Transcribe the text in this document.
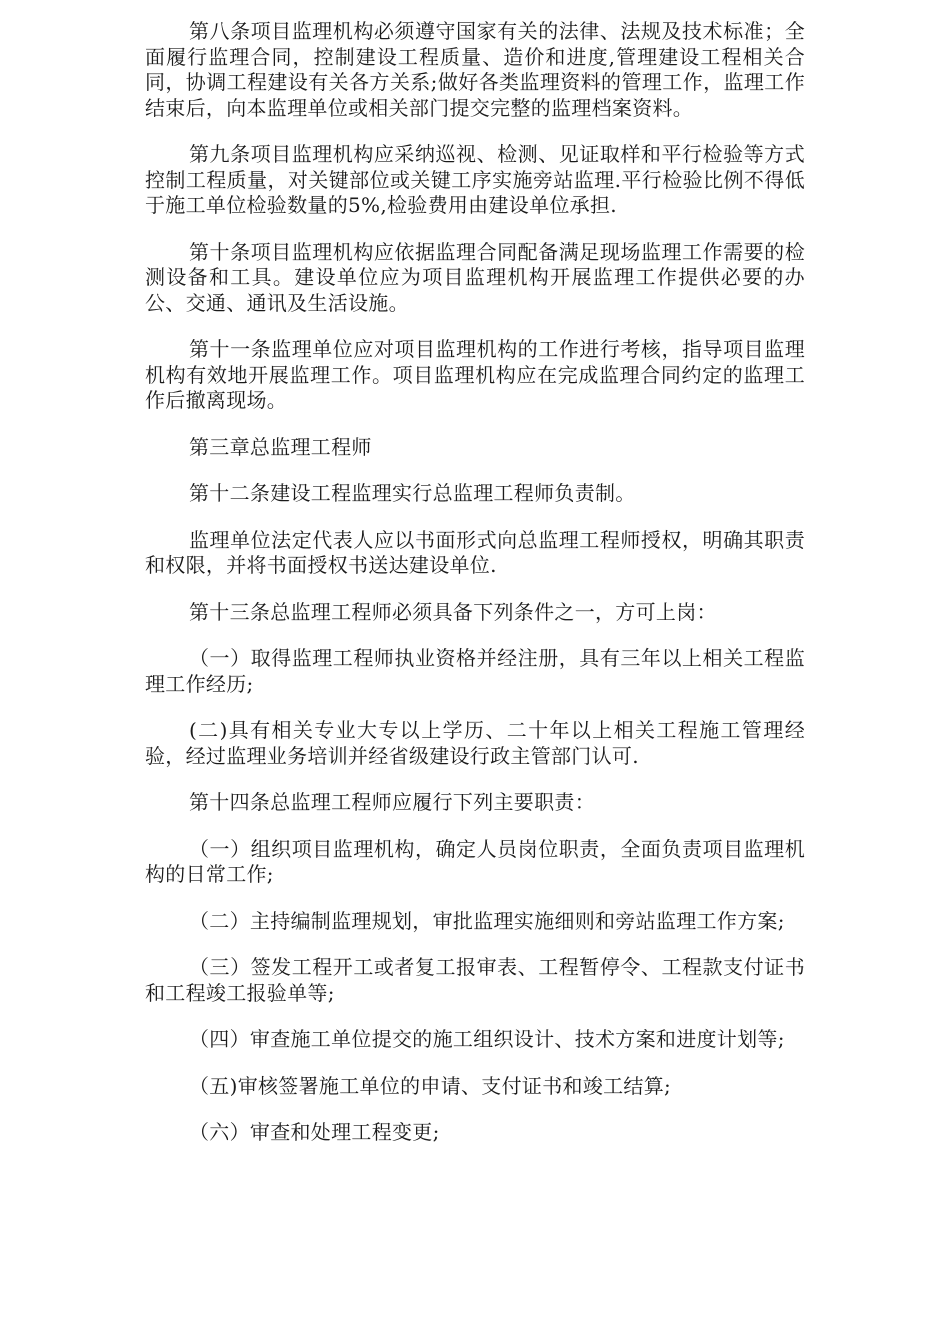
第八条项目监理机构必须遵守国家有关的法律、法规及技术标准；全面履行监理合同，控制建设工程质量、造价和进度,管理建设工程相关合同，协调工程建设有关各方关系;做好各类监理资料的管理工作，监理工作结束后，向本监理单位或相关部门提交完整的监理档案资料。

第九条项目监理机构应采纳巡视、检测、见证取样和平行检验等方式控制工程质量，对关键部位或关键工序实施旁站监理.平行检验比例不得低于施工单位检验数量的5%,检验费用由建设单位承担.

第十条项目监理机构应依据监理合同配备满足现场监理工作需要的检测设备和工具。建设单位应为项目监理机构开展监理工作提供必要的办公、交通、通讯及生活设施。

第十一条监理单位应对项目监理机构的工作进行考核，指导项目监理机构有效地开展监理工作。项目监理机构应在完成监理合同约定的监理工作后撤离现场。

第三章总监理工程师

第十二条建设工程监理实行总监理工程师负责制。

监理单位法定代表人应以书面形式向总监理工程师授权，明确其职责和权限，并将书面授权书送达建设单位.

第十三条总监理工程师必须具备下列条件之一，方可上岗：

（一）取得监理工程师执业资格并经注册，具有三年以上相关工程监理工作经历;

(二)具有相关专业大专以上学历、二十年以上相关工程施工管理经验，经过监理业务培训并经省级建设行政主管部门认可.

第十四条总监理工程师应履行下列主要职责：

（一）组织项目监理机构，确定人员岗位职责，全面负责项目监理机构的日常工作;

（二）主持编制监理规划，审批监理实施细则和旁站监理工作方案;

（三）签发工程开工或者复工报审表、工程暂停令、工程款支付证书和工程竣工报验单等;

（四）审查施工单位提交的施工组织设计、技术方案和进度计划等;

（五)审核签署施工单位的申请、支付证书和竣工结算;

（六）审查和处理工程变更;
